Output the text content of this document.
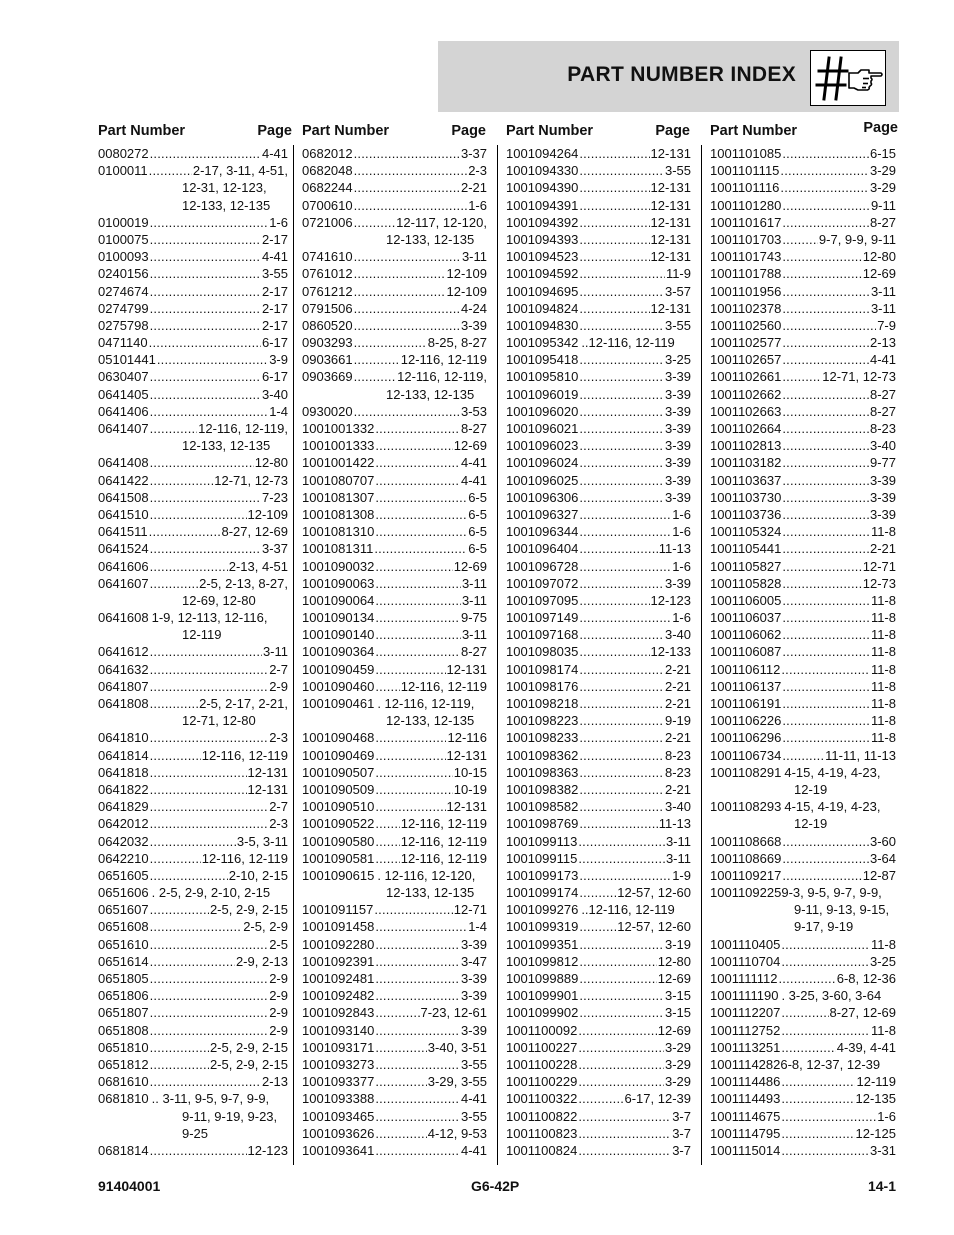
PART NUMBER INDEX
Part Number	Page
0080272 .....	4-41
0100011 .....	2-17, 3-11, 4-51,
12-31, 12-123,
12-133, 12-135
0100019 .....	1-6
0100075 .....	2-17
0100093 .....	4-41
0240156 .....	3-55
0274674 .....	2-17
0274799 .....	2-17
0275798 .....	2-17
0471140 .....	6-17
05101441 .....	3-9
0630407 .....	6-17
0641405 .....	3-40
0641406 .....	1-4
0641407 .....	12-116, 12-119,
12-133, 12-135
0641408 .....	12-80
0641422 .....	12-71, 12-73
0641508 .....	7-23
0641510 .....	12-109
0641511 .....	8-27, 12-69
0641524 .....	3-37
0641606 .....	2-13, 4-51
0641607 .....	2-5, 2-13, 8-27,
12-69, 12-80
0641608 1-9, 12-113, 12-116,
12-119
0641612 .....	3-11
0641632 .....	2-7
0641807 .....	2-9
0641808 .....	2-5, 2-17, 2-21,
12-71, 12-80
0641810 .....	2-3
0641814 .....	12-116, 12-119
0641818 .....	12-131
0641822 .....	12-131
0641829 .....	2-7
0642012 .....	2-3
0642032 .....	3-5, 3-11
0642210 .....	12-116, 12-119
0651605 .....	2-10, 2-15
0651606 . 2-5, 2-9, 2-10, 2-15
0651607 .....	2-5, 2-9, 2-15
0651608 .....	2-5, 2-9
0651610 .....	2-5
0651614 .....	2-9, 2-13
0651805 .....	2-9
0651806 .....	2-9
0651807 .....	2-9
0651808 .....	2-9
0651810 .....	2-5, 2-9, 2-15
0651812 .....	2-5, 2-9, 2-15
0681610 .....	2-13
0681810 .. 3-11, 9-5, 9-7, 9-9,
9-11, 9-19, 9-23,
9-25
0681814 .....	12-123
Part Number	Page
0682012 .....	3-37
0682048 .....	2-3
0682244 .....	2-21
0700610 .....	1-6
0721006 .....	12-117, 12-120,
12-133, 12-135
0741610 .....	3-11
0761012 .....	12-109
0761212 .....	12-109
0791506 .....	4-24
0860520 .....	3-39
0903293 .....	8-25, 8-27
0903661 .....	12-116, 12-119
0903669 .....	12-116, 12-119,
12-133, 12-135
0930020 .....	3-53
1001001332 .....	8-27
1001001333 .....	12-69
1001001422 .....	4-41
1001080707 .....	4-41
1001081307 .....	6-5
1001081308 .....	6-5
1001081310 .....	6-5
1001081311 .....	6-5
1001090032 .....	12-69
1001090063 .....	3-11
1001090064 .....	3-11
1001090134 .....	9-75
1001090140 .....	3-11
1001090364 .....	8-27
1001090459 .....	12-131
1001090460 ..... 12-116, 12-119
1001090461 . 12-116, 12-119,
12-133, 12-135
1001090468 .....	12-116
1001090469 .....	12-131
1001090507 .....	10-15
1001090509 .....	10-19
1001090510 .....	12-131
1001090522 ..... 12-116, 12-119
1001090580 ..... 12-116, 12-119
1001090581 ..... 12-116, 12-119
1001090615 . 12-116, 12-120,
12-133, 12-135
1001091157 .....	12-71
1001091458 .....	1-4
1001092280 .....	3-39
1001092391 .....	3-47
1001092481 .....	3-39
1001092482 .....	3-39
1001092843 .....	7-23, 12-61
1001093140 .....	3-39
1001093171 .....	3-40, 3-51
1001093273 .....	3-55
1001093377 .....	3-29, 3-55
1001093388 .....	4-41
1001093465 .....	3-55
1001093626 .....	4-12, 9-53
1001093641 .....	4-41
Part Number	Page
1001094264 .....	12-131
1001094330 .....	3-55
1001094390 .....	12-131
1001094391 .....	12-131
1001094392 .....	12-131
1001094393 .....	12-131
1001094523 .....	12-131
1001094592 .....	11-9
1001094695 .....	3-57
1001094824 .....	12-131
1001094830 .....	3-55
1001095342 ..12-116, 12-119
1001095418 .....	3-25
1001095810 .....	3-39
1001096019 .....	3-39
1001096020 .....	3-39
1001096021 .....	3-39
1001096023 .....	3-39
1001096024 .....	3-39
1001096025 .....	3-39
1001096306 .....	3-39
1001096327 .....	1-6
1001096344 .....	1-6
1001096404 .....	11-13
1001096728 .....	1-6
1001097072 .....	3-39
1001097095 .....	12-123
1001097149 .....	1-6
1001097168 .....	3-40
1001098035 .....	12-133
1001098174 .....	2-21
1001098176 .....	2-21
1001098218 .....	2-21
1001098223 .....	9-19
1001098233 .....	2-21
1001098362 .....	8-23
1001098363 .....	8-23
1001098382 .....	2-21
1001098582 .....	3-40
1001098769 .....	11-13
1001099113 .....	3-11
1001099115 .....	3-11
1001099173 .....	1-9
1001099174 .....	12-57, 12-60
1001099276 ..12-116, 12-119
1001099319 .....	12-57, 12-60
1001099351 .....	3-19
1001099812 .....	12-80
1001099889 .....	12-69
1001099901 .....	3-15
1001099902 .....	3-15
1001100092 .....	12-69
1001100227 .....	3-29
1001100228 .....	3-29
1001100229 .....	3-29
1001100322 .....	6-17, 12-39
1001100822 .....	3-7
1001100823 .....	3-7
1001100824 .....	3-7
Part Number	Page
1001101085 .....	6-15
1001101115 .....	3-29
1001101116 .....	3-29
1001101280 .....	9-11
1001101617 .....	8-27
1001101703 .....	9-7, 9-9, 9-11
1001101743 .....	12-80
1001101788 .....	12-69
1001101956 .....	3-11
1001102378 .....	3-11
1001102560 .....	7-9
1001102577 .....	2-13
1001102657 .....	4-41
1001102661 .....	12-71, 12-73
1001102662 .....	8-27
1001102663 .....	8-27
1001102664 .....	8-23
1001102813 .....	3-40
1001103182 .....	9-77
1001103637 .....	3-39
1001103730 .....	3-39
1001103736 .....	3-39
1001105324 .....	11-8
1001105441 .....	2-21
1001105827 .....	12-71
1001105828 .....	12-73
1001106005 .....	11-8
1001106037 .....	11-8
1001106062 .....	11-8
1001106087 .....	11-8
1001106112 .....	11-8
1001106137 .....	11-8
1001106191 .....	11-8
1001106226 .....	11-8
1001106296 .....	11-8
1001106734 .....	11-11, 11-13
1001108291 4-15, 4-19, 4-23,
12-19
1001108293 4-15, 4-19, 4-23,
12-19
1001108668 .....	3-60
1001108669 .....	3-64
1001109217 .....	12-87
1001109225 9-3, 9-5, 9-7, 9-9,
9-11, 9-13, 9-15,
9-17, 9-19
1001110405 .....	11-8
1001110704 .....	3-25
1001111112 .....	6-8, 12-36
1001111190 . 3-25, 3-60, 3-64
1001112207 .....	8-27, 12-69
1001112752 .....	11-8
1001113251 .....	4-39, 4-41
1001114282 6-8, 12-37, 12-39
1001114486 .....	12-119
1001114493 .....	12-135
1001114675 .....	1-6
1001114795 .....	12-125
1001115014 .....	3-31
91404001	G6-42P	14-1
